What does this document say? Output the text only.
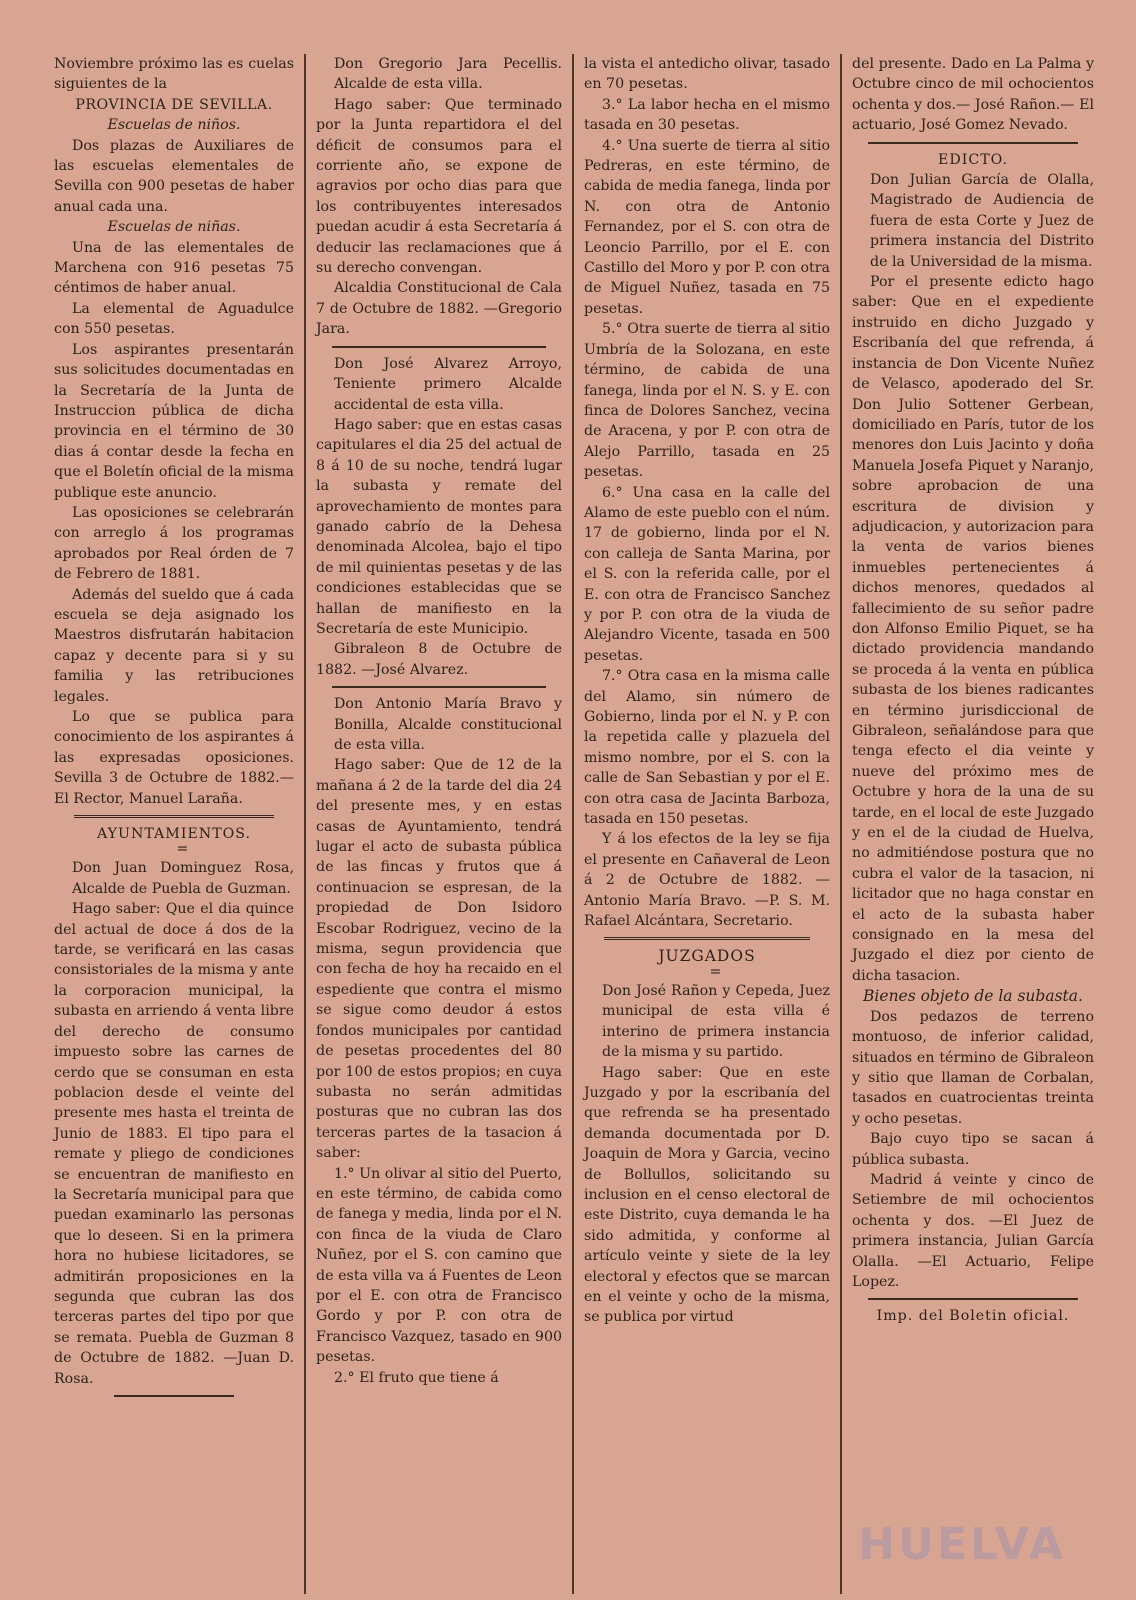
Noviembre próximo las es cuelas siguientes de la

PROVINCIA DE SEVILLA.

Escuelas de niños.

Dos plazas de Auxiliares de las escuelas elementales de Sevilla con 900 pesetas de haber anual cada una.

Escuelas de niñas.

Una de las elementales de Marchena con 916 pesetas 75 céntimos de haber anual.

La elemental de Aguadulce con 550 pesetas.

Los aspirantes presentarán sus solicitudes documentadas en la Secretaría de la Junta de Instruccion pública de dicha provincia en el término de 30 dias á contar desde la fecha en que el Boletín oficial de la misma publique este anuncio.

Las oposiciones se celebrarán con arreglo á los programas aprobados por Real órden de 7 de Febrero de 1881.

Además del sueldo que á cada escuela se deja asignado los Maestros disfrutarán habitacion capaz y decente para si y su familia y las retribuciones legales.

Lo que se publica para conocimiento de los aspirantes á las expresadas oposiciones. Sevilla 3 de Octubre de 1882.— El Rector, Manuel Laraña.

AYUNTAMIENTOS.

=

Don Juan Dominguez Rosa, Alcalde de Puebla de Guzman.

Hago saber: Que el dia quince del actual de doce á dos de la tarde, se verificará en las casas consistoriales de la misma y ante la corporacion municipal, la subasta en arriendo á venta libre del derecho de consumo impuesto sobre las carnes de cerdo que se consuman en esta poblacion desde el veinte del presente mes hasta el treinta de Junio de 1883. El tipo para el remate y pliego de condiciones se encuentran de manifiesto en la Secretaría municipal para que puedan examinarlo las personas que lo deseen. Si en la primera hora no hubiese licitadores, se admitirán proposiciones en la segunda que cubran las dos terceras partes del tipo por que se remata. Puebla de Guzman 8 de Octubre de 1882. —Juan D. Rosa.

Don Gregorio Jara Pecellis. Alcalde de esta villa.

Hago saber: Que terminado por la Junta repartidora el del déficit de consumos para el corriente año, se expone de agravios por ocho dias para que los contribuyentes interesados puedan acudir á esta Secretaría á deducir las reclamaciones que á su derecho convengan.

Alcaldia Constitucional de Cala 7 de Octubre de 1882. —Gregorio Jara.

Don José Alvarez Arroyo, Teniente primero Alcalde accidental de esta villa.

Hago saber: que en estas casas capitulares el dia 25 del actual de 8 á 10 de su noche, tendrá lugar la subasta y remate del aprovechamiento de montes para ganado cabrío de la Dehesa denominada Alcolea, bajo el tipo de mil quinientas pesetas y de las condiciones establecidas que se hallan de manifiesto en la Secretaría de este Municipio.

Gibraleon 8 de Octubre de 1882. —José Alvarez.

Don Antonio María Bravo y Bonilla, Alcalde constitucional de esta villa.

Hago saber: Que de 12 de la mañana á 2 de la tarde del dia 24 del presente mes, y en estas casas de Ayuntamiento, tendrá lugar el acto de subasta pública de las fincas y frutos que á continuacion se espresan, de la propiedad de Don Isidoro Escobar Rodriguez, vecino de la misma, segun providencia que con fecha de hoy ha recaido en el espediente que contra el mismo se sigue como deudor á estos fondos municipales por cantidad de pesetas procedentes del 80 por 100 de estos propios; en cuya subasta no serán admitidas posturas que no cubran las dos terceras partes de la tasacion á saber:

1.° Un olivar al sitio del Puerto, en este término, de cabida como de fanega y media, linda por el N. con finca de la viuda de Claro Nuñez, por el S. con camino que de esta villa va á Fuentes de Leon por el E. con otra de Francisco Gordo y por P. con otra de Francisco Vazquez, tasado en 900 pesetas.

2.° El fruto que tiene á

la vista el antedicho olivar, tasado en 70 pesetas.

3.° La labor hecha en el mismo tasada en 30 pesetas.

4.° Una suerte de tierra al sitio Pedreras, en este término, de cabida de media fanega, linda por N. con otra de Antonio Fernandez, por el S. con otra de Leoncio Parrillo, por el E. con Castillo del Moro y por P. con otra de Miguel Nuñez, tasada en 75 pesetas.

5.° Otra suerte de tierra al sitio Umbría de la Solozana, en este término, de cabida de una fanega, linda por el N. S. y E. con finca de Dolores Sanchez, vecina de Aracena, y por P. con otra de Alejo Parrillo, tasada en 25 pesetas.

6.° Una casa en la calle del Alamo de este pueblo con el núm. 17 de gobierno, linda por el N. con calleja de Santa Marina, por el S. con la referida calle, por el E. con otra de Francisco Sanchez y por P. con otra de la viuda de Alejandro Vicente, tasada en 500 pesetas.

7.° Otra casa en la misma calle del Alamo, sin número de Gobierno, linda por el N. y P. con la repetida calle y plazuela del mismo nombre, por el S. con la calle de San Sebastian y por el E. con otra casa de Jacinta Barboza, tasada en 150 pesetas.

Y á los efectos de la ley se fija el presente en Cañaveral de Leon á 2 de Octubre de 1882. —Antonio María Bravo. —P. S. M. Rafael Alcántara, Secretario.

JUZGADOS

=

Don José Rañon y Cepeda, Juez municipal de esta villa é interino de primera instancia de la misma y su partido.

Hago saber: Que en este Juzgado y por la escribanía del que refrenda se ha presentado demanda documentada por D. Joaquin de Mora y Garcia, vecino de Bollullos, solicitando su inclusion en el censo electoral de este Distrito, cuya demanda le ha sido admitida, y conforme al artículo veinte y siete de la ley electoral y efectos que se marcan en el veinte y ocho de la misma, se publica por virtud

del presente. Dado en La Palma y Octubre cinco de mil ochocientos ochenta y dos.— José Rañon.— El actuario, José Gomez Nevado.

EDICTO.

Don Julian García de Olalla, Magistrado de Audiencia de fuera de esta Corte y Juez de primera instancia del Distrito de la Universidad de la misma.

Por el presente edicto hago saber: Que en el expediente instruido en dicho Juzgado y Escribanía del que refrenda, á instancia de Don Vicente Nuñez de Velasco, apoderado del Sr. Don Julio Sottener Gerbean, domiciliado en París, tutor de los menores don Luis Jacinto y doña Manuela Josefa Piquet y Naranjo, sobre aprobacion de una escritura de division y adjudicacion, y autorizacion para la venta de varios bienes inmuebles pertenecientes á dichos menores, quedados al fallecimiento de su señor padre don Alfonso Emilio Piquet, se ha dictado providencia mandando se proceda á la venta en pública subasta de los bienes radicantes en término jurisdiccional de Gibraleon, señalándose para que tenga efecto el dia veinte y nueve del próximo mes de Octubre y hora de la una de su tarde, en el local de este Juzgado y en el de la ciudad de Huelva, no admitiéndose postura que no cubra el valor de la tasacion, ni licitador que no haga constar en el acto de la subasta haber consignado en la mesa del Juzgado el diez por ciento de dicha tasacion.

Bienes objeto de la subasta.

Dos pedazos de terreno montuoso, de inferior calidad, situados en término de Gibraleon y sitio que llaman de Corbalan, tasados en cuatrocientas treinta y ocho pesetas.

Bajo cuyo tipo se sacan á pública subasta.

Madrid á veinte y cinco de Setiembre de mil ochocientos ochenta y dos. —El Juez de primera instancia, Julian García Olalla. —El Actuario, Felipe Lopez.

Imp. del Boletin oficial.

HUELVA
